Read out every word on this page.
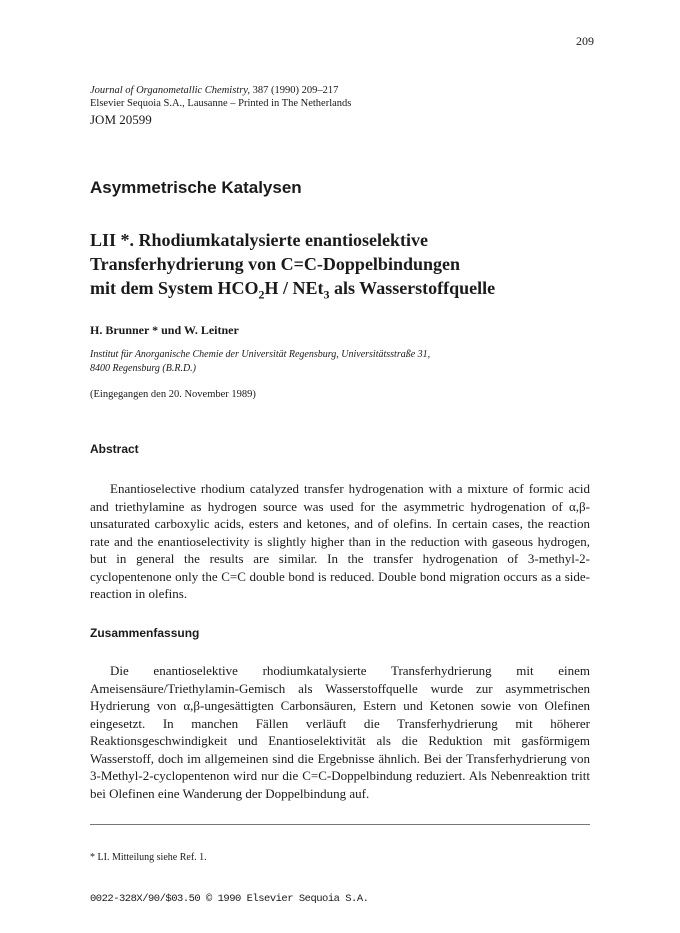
209
Journal of Organometallic Chemistry, 387 (1990) 209–217
Elsevier Sequoia S.A., Lausanne – Printed in The Netherlands
JOM 20599
Asymmetrische Katalysen
LII *. Rhodiumkatalysierte enantioselektive
Transferhydrierung von C=C-Doppelbindungen
mit dem System $HCO_2H / NEt_3$ als Wasserstoffquelle
H. Brunner * und W. Leitner
Institut für Anorganische Chemie der Universität Regensburg, Universitätsstraße 31,
8400 Regensburg (B.R.D.)
(Eingegangen den 20. November 1989)
Abstract

Enantioselective rhodium catalyzed transfer hydrogenation with a mixture of formic acid and triethylamine as hydrogen source was used for the asymmetric hydrogenation of α,β-unsaturated carboxylic acids, esters and ketones, and of olefins. In certain cases, the reaction rate and the enantioselectivity is slightly higher than in the reduction with gaseous hydrogen, but in general the results are similar. In the transfer hydrogenation of 3-methyl-2-cyclopentenone only the C=C double bond is reduced. Double bond migration occurs as a side-reaction in olefins.

Zusammenfassung

Die enantioselektive rhodiumkatalysierte Transferhydrierung mit einem Ameisensäure/Triethylamin-Gemisch als Wasserstoffquelle wurde zur asymmetrischen Hydrierung von α,β-ungesättigten Carbonsäuren, Estern und Ketonen sowie von Olefinen eingesetzt. In manchen Fällen verläuft die Transferhydrierung mit höherer Reaktionsgeschwindigkeit und Enantioselektivität als die Reduktion mit gasförmigem Wasserstoff, doch im allgemeinen sind die Ergebnisse ähnlich. Bei der Transferhydrierung von 3-Methyl-2-cyclopentenon wird nur die C=C-Doppelbindung reduziert. Als Nebenreaktion tritt bei Olefinen eine Wanderung der Doppelbindung auf.

* LI. Mitteilung siehe Ref. 1.
0022-328X/90/$03.50 © 1990 Elsevier Sequoia S.A.
